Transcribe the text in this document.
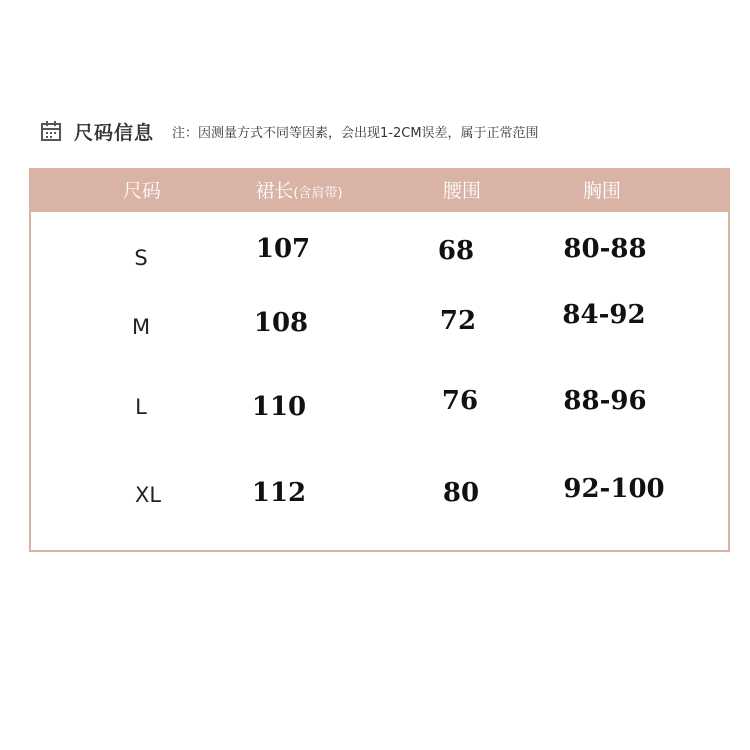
尺码信息 注：因测量方式不同等因素，会出现1-2CM误差，属于正常范围
尺码	裙长(含肩带)	腰围	胸围
S	107	68	80-88
M	108	72	84-92
L	110	76	88-96
XL	112	80	92-100
